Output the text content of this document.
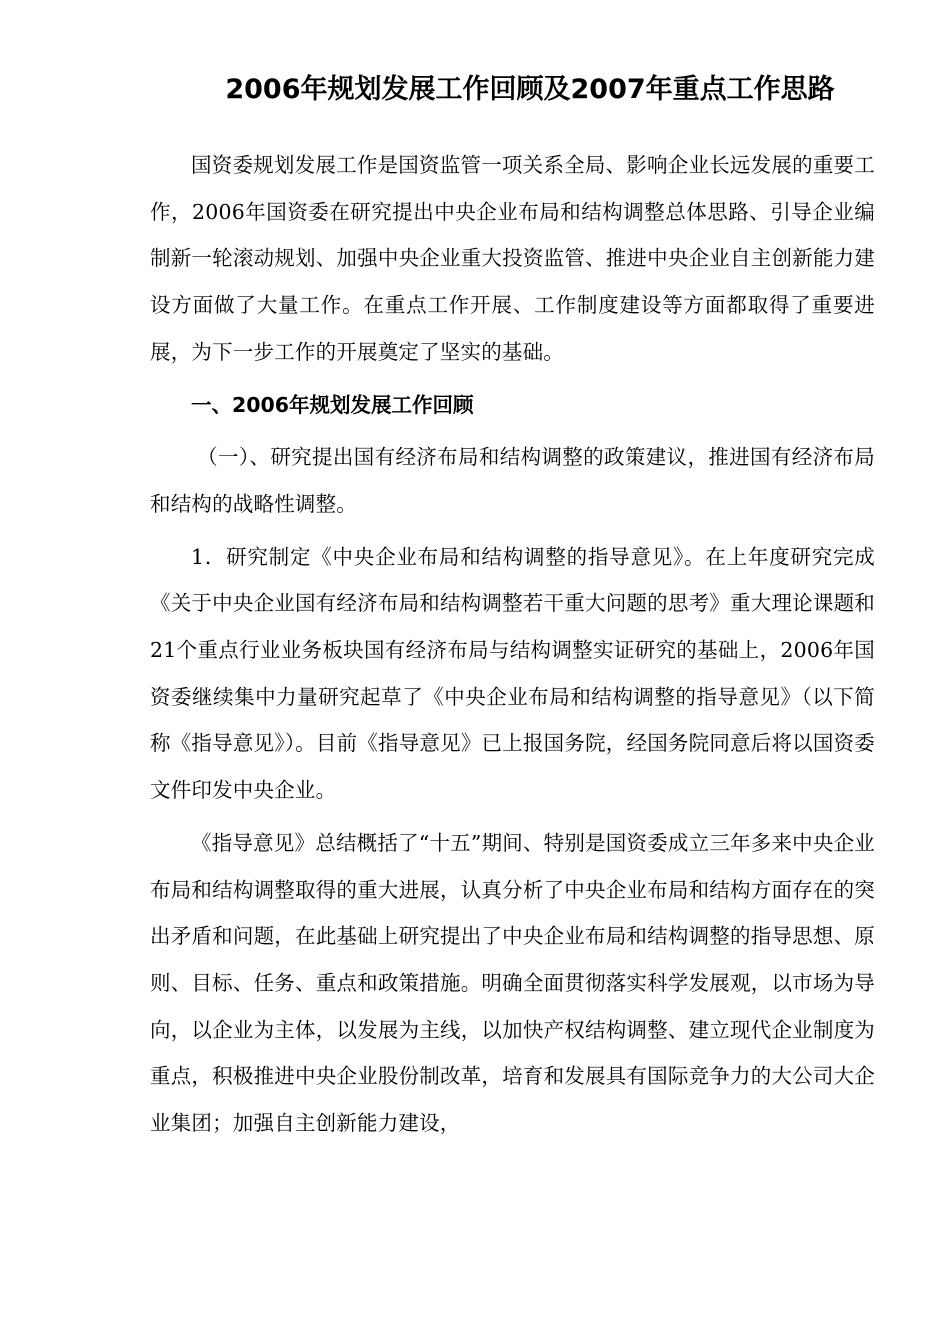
2006年规划发展工作回顾及2007年重点工作思路

国资委规划发展工作是国资监管一项关系全局、影响企业长远发展的重要工作，2006年国资委在研究提出中央企业布局和结构调整总体思路、引导企业编制新一轮滚动规划、加强中央企业重大投资监管、推进中央企业自主创新能力建设方面做了大量工作。在重点工作开展、工作制度建设等方面都取得了重要进展，为下一步工作的开展奠定了坚实的基础。

一、2006年规划发展工作回顾

（一）、研究提出国有经济布局和结构调整的政策建议，推进国有经济布局和结构的战略性调整。

1．研究制定《中央企业布局和结构调整的指导意见》。在上年度研究完成《关于中央企业国有经济布局和结构调整若干重大问题的思考》重大理论课题和21个重点行业业务板块国有经济布局与结构调整实证研究的基础上，2006年国资委继续集中力量研究起草了《中央企业布局和结构调整的指导意见》（以下简称《指导意见》）。目前《指导意见》已上报国务院，经国务院同意后将以国资委文件印发中央企业。

《指导意见》总结概括了“十五”期间、特别是国资委成立三年多来中央企业布局和结构调整取得的重大进展，认真分析了中央企业布局和结构方面存在的突出矛盾和问题，在此基础上研究提出了中央企业布局和结构调整的指导思想、原则、目标、任务、重点和政策措施。明确全面贯彻落实科学发展观，以市场为导向，以企业为主体，以发展为主线，以加快产权结构调整、建立现代企业制度为重点，积极推进中央企业股份制改革，培育和发展具有国际竞争力的大公司大企业集团；加强自主创新能力建设，
